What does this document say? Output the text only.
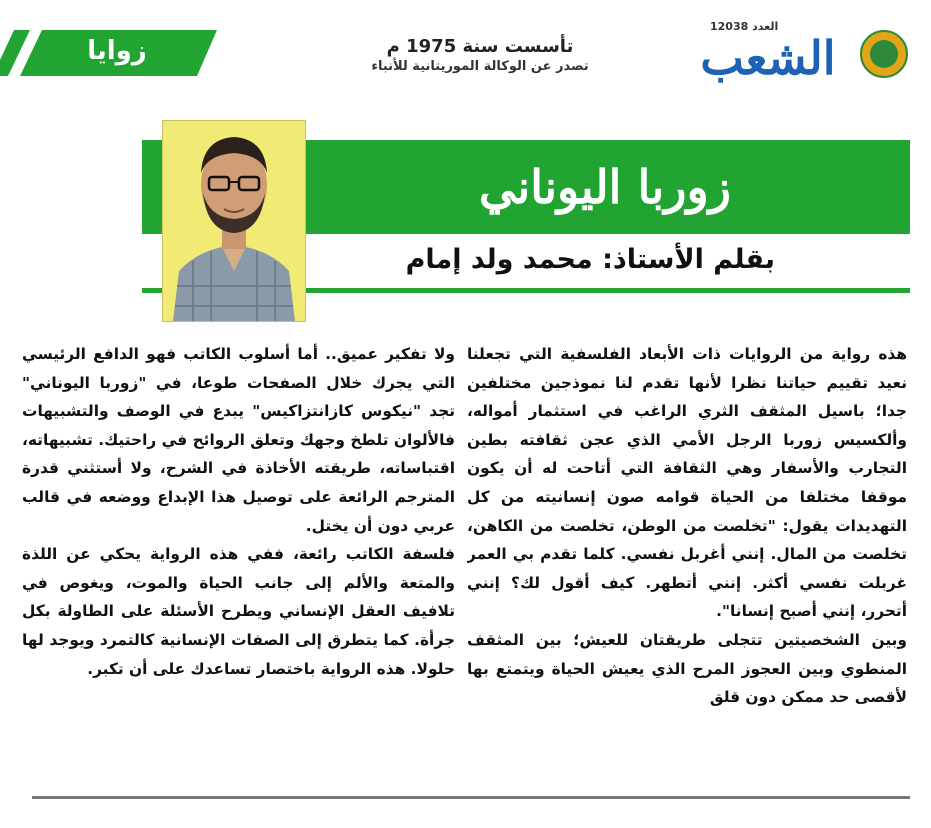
زوايا	تأسست سنة 1975 م
تصدر عن الوكالة الموريتانية للأنباء
العدد 12038
الشعب
زوربا اليوناني
بقلم الأستاذ: محمد ولد إمام

هذه رواية من الروايات ذات الأبعاد الفلسفية التي تجعلنا نعيد تقييم حياتنا نظرا لأنها تقدم لنا نموذجين مختلفين جدا؛ باسيل المثقف الثري الراغب في استثمار أمواله، وألكسيس زوربا الرجل الأمي الذي عجن ثقافته بطين التجارب والأسفار وهي الثقافة التي أتاحت له أن يكون موقفا مختلفا من الحياة قوامه صون إنسانيته من كل التهديدات يقول: "تخلصت من الوطن، تخلصت من الكاهن، تخلصت من المال. إنني أغربل نفسي. كلما تقدم بي العمر غربلت نفسي أكثر. إنني أتطهر. كيف أقول لك؟ إنني أتحرر، إنني أصبح إنسانا".

وبين الشخصيتين تتجلى طريقتان للعيش؛ بين المثقف المنطوي وبين العجوز المرح الذي يعيش الحياة ويتمتع بها لأقصى حد ممكن دون قلق

ولا تفكير عميق.. أما أسلوب الكاتب فهو الدافع الرئيسي التي يجرك خلال الصفحات طوعا، في "زوربا اليوناني" تجد "نيكوس كازانتزاكيس" يبدع في الوصف والتشبيهات فالألوان تلطخ وجهك وتعلق الروائح في راحتيك. تشبيهاته، اقتباساته، طريقته الأخاذة في الشرح، ولا أستثني قدرة المترجم الرائعة على توصيل هذا الإبداع ووضعه في قالب عربي دون أن يختل.

فلسفة الكاتب رائعة، ففي هذه الرواية يحكي عن اللذة والمتعة والألم إلى جانب الحياة والموت، ويغوص في تلافيف العقل الإنساني ويطرح الأسئلة على الطاولة بكل جرأة. كما يتطرق إلى الصفات الإنسانية كالتمرد ويوجد لها حلولا. هذه الرواية باختصار تساعدك على أن تكبر.
